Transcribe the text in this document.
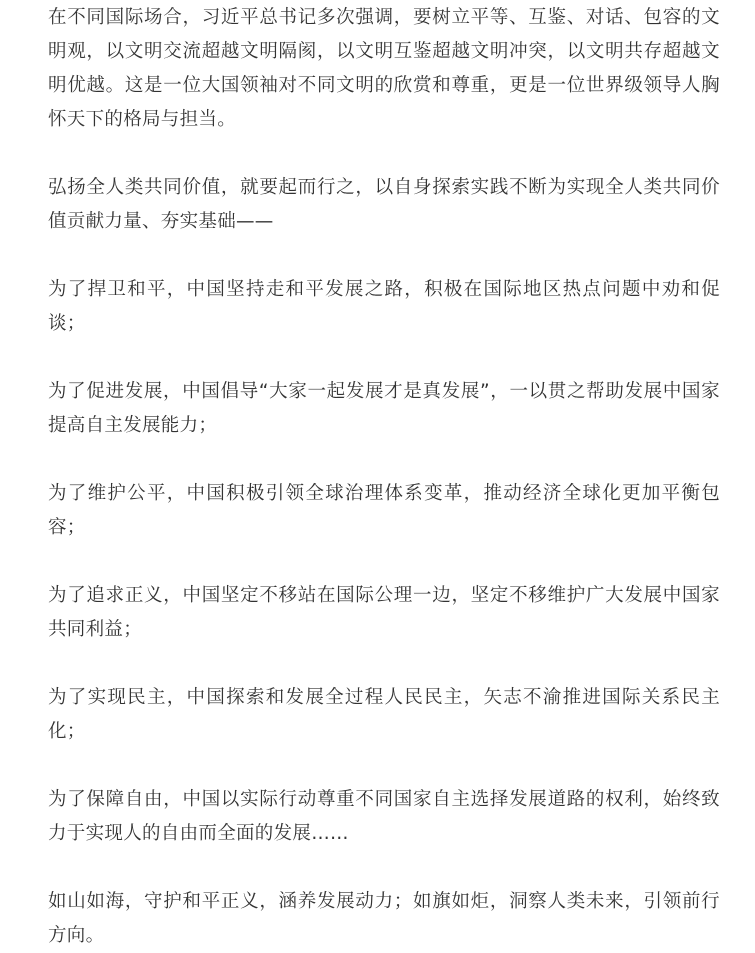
在不同国际场合，习近平总书记多次强调，要树立平等、互鉴、对话、包容的文明观，以文明交流超越文明隔阂，以文明互鉴超越文明冲突，以文明共存超越文明优越。这是一位大国领袖对不同文明的欣赏和尊重，更是一位世界级领导人胸怀天下的格局与担当。

弘扬全人类共同价值，就要起而行之，以自身探索实践不断为实现全人类共同价值贡献力量、夯实基础——

为了捍卫和平，中国坚持走和平发展之路，积极在国际地区热点问题中劝和促谈；

为了促进发展，中国倡导“大家一起发展才是真发展”，一以贯之帮助发展中国家提高自主发展能力；

为了维护公平，中国积极引领全球治理体系变革，推动经济全球化更加平衡包容；

为了追求正义，中国坚定不移站在国际公理一边，坚定不移维护广大发展中国家共同利益；

为了实现民主，中国探索和发展全过程人民民主，矢志不渝推进国际关系民主化；

为了保障自由，中国以实际行动尊重不同国家自主选择发展道路的权利，始终致力于实现人的自由而全面的发展……

如山如海，守护和平正义，涵养发展动力；如旗如炬，洞察人类未来，引领前行方向。
